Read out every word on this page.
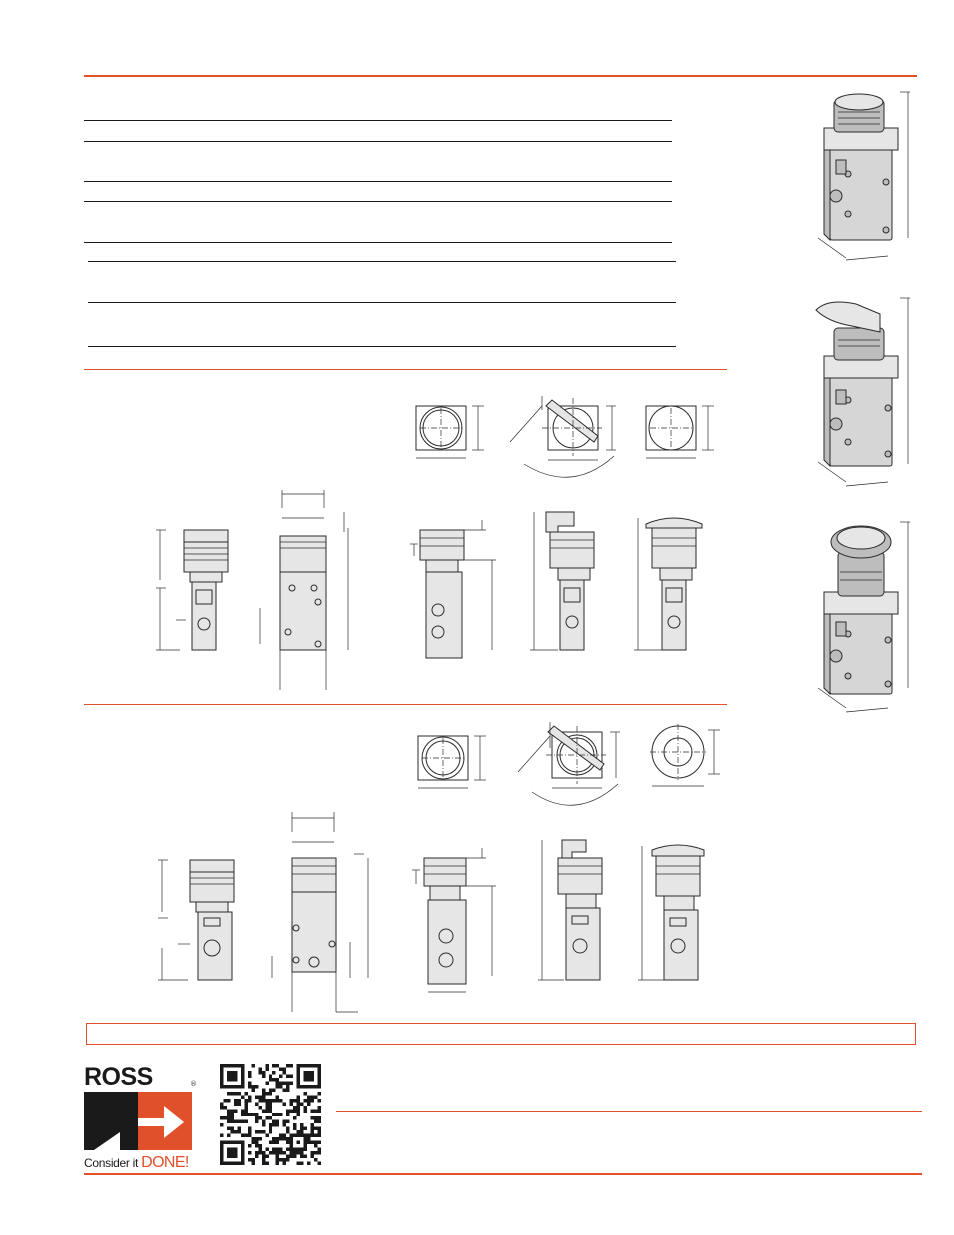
ROSS	®
Consider it DONE!
